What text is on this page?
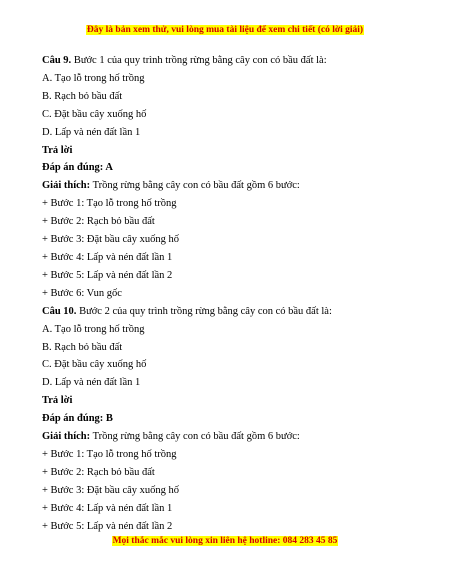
Đây là bản xem thử, vui lòng mua tài liệu để xem chi tiết (có lời giải)
Câu 9. Bước 1 của quy trình trồng rừng bằng cây con có bầu đất là:
A. Tạo lỗ trong hố trồng
B. Rạch bỏ bầu đất
C. Đặt bầu cây xuống hố
D. Lấp và nén đất lần 1
Trả lời
Đáp án đúng: A
Giải thích: Trồng rừng bằng cây con có bầu đất gồm 6 bước:
+ Bước 1: Tạo lỗ trong hố trồng
+ Bước 2: Rạch bỏ bầu đất
+ Bước 3: Đặt bầu cây xuống hố
+ Bước 4: Lấp và nén đất lần 1
+ Bước 5: Lấp và nén đất lần 2
+ Bước 6: Vun gốc
Câu 10. Bước 2 của quy trình trồng rừng bằng cây con có bầu đất là:
A. Tạo lỗ trong hố trồng
B. Rạch bỏ bầu đất
C. Đặt bầu cây xuống hố
D. Lấp và nén đất lần 1
Trả lời
Đáp án đúng: B
Giải thích: Trồng rừng bằng cây con có bầu đất gồm 6 bước:
+ Bước 1: Tạo lỗ trong hố trồng
+ Bước 2: Rạch bỏ bầu đất
+ Bước 3: Đặt bầu cây xuống hố
+ Bước 4: Lấp và nén đất lần 1
+ Bước 5: Lấp và nén đất lần 2
Mọi thắc mắc vui lòng xin liên hệ hotline: 084 283 45 85
